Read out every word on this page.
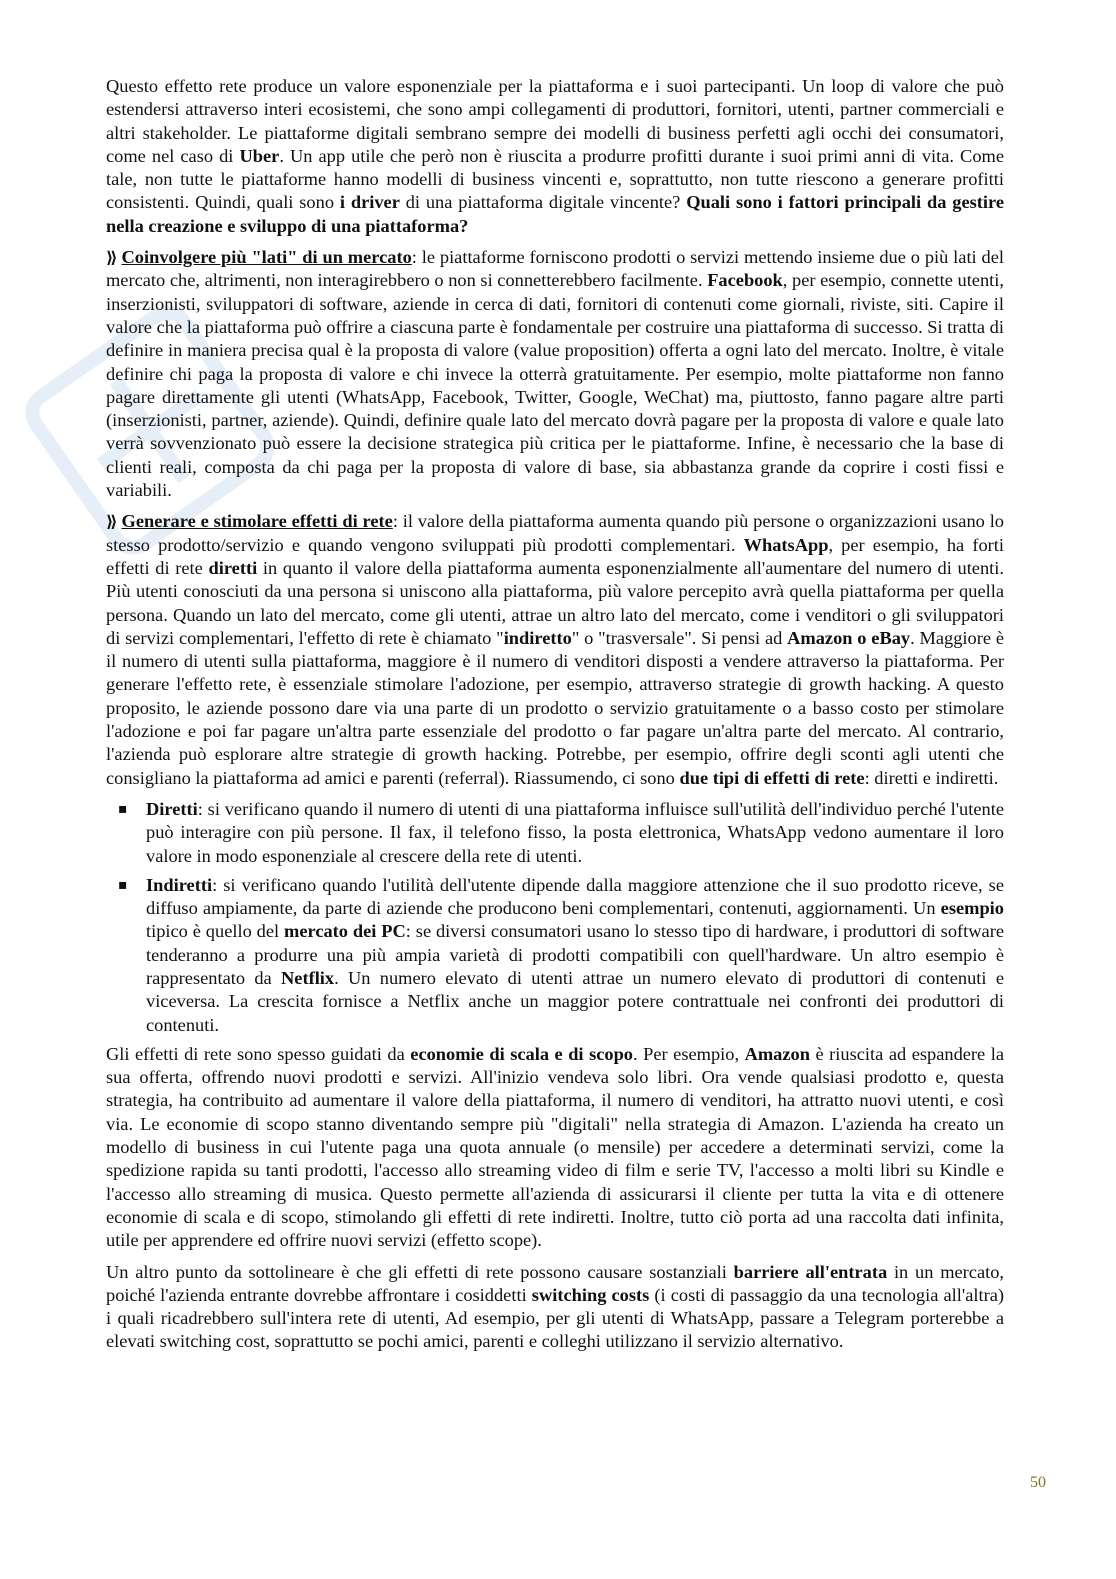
Questo effetto rete produce un valore esponenziale per la piattaforma e i suoi partecipanti. Un loop di valore che può estendersi attraverso interi ecosistemi, che sono ampi collegamenti di produttori, fornitori, utenti, partner commerciali e altri stakeholder. Le piattaforme digitali sembrano sempre dei modelli di business perfetti agli occhi dei consumatori, come nel caso di Uber. Un app utile che però non è riuscita a produrre profitti durante i suoi primi anni di vita. Come tale, non tutte le piattaforme hanno modelli di business vincenti e, soprattutto, non tutte riescono a generare profitti consistenti. Quindi, quali sono i driver di una piattaforma digitale vincente? Quali sono i fattori principali da gestire nella creazione e sviluppo di una piattaforma?

⟫ Coinvolgere più "lati" di un mercato: le piattaforme forniscono prodotti o servizi mettendo insieme due o più lati del mercato che, altrimenti, non interagirebbero o non si connetterebbero facilmente. Facebook, per esempio, connette utenti, inserzionisti, sviluppatori di software, aziende in cerca di dati, fornitori di contenuti come giornali, riviste, siti. Capire il valore che la piattaforma può offrire a ciascuna parte è fondamentale per costruire una piattaforma di successo. Si tratta di definire in maniera precisa qual è la proposta di valore (value proposition) offerta a ogni lato del mercato. Inoltre, è vitale definire chi paga la proposta di valore e chi invece la otterrà gratuitamente. Per esempio, molte piattaforme non fanno pagare direttamente gli utenti (WhatsApp, Facebook, Twitter, Google, WeChat) ma, piuttosto, fanno pagare altre parti (inserzionisti, partner, aziende). Quindi, definire quale lato del mercato dovrà pagare per la proposta di valore e quale lato verrà sovvenzionato può essere la decisione strategica più critica per le piattaforme. Infine, è necessario che la base di clienti reali, composta da chi paga per la proposta di valore di base, sia abbastanza grande da coprire i costi fissi e variabili.

⟫ Generare e stimolare effetti di rete: il valore della piattaforma aumenta quando più persone o organizzazioni usano lo stesso prodotto/servizio e quando vengono sviluppati più prodotti complementari. WhatsApp, per esempio, ha forti effetti di rete diretti in quanto il valore della piattaforma aumenta esponenzialmente all'aumentare del numero di utenti. Più utenti conosciuti da una persona si uniscono alla piattaforma, più valore percepito avrà quella piattaforma per quella persona. Quando un lato del mercato, come gli utenti, attrae un altro lato del mercato, come i venditori o gli sviluppatori di servizi complementari, l'effetto di rete è chiamato "indiretto" o "trasversale". Si pensi ad Amazon o eBay. Maggiore è il numero di utenti sulla piattaforma, maggiore è il numero di venditori disposti a vendere attraverso la piattaforma. Per generare l'effetto rete, è essenziale stimolare l'adozione, per esempio, attraverso strategie di growth hacking. A questo proposito, le aziende possono dare via una parte di un prodotto o servizio gratuitamente o a basso costo per stimolare l'adozione e poi far pagare un'altra parte essenziale del prodotto o far pagare un'altra parte del mercato. Al contrario, l'azienda può esplorare altre strategie di growth hacking. Potrebbe, per esempio, offrire degli sconti agli utenti che consigliano la piattaforma ad amici e parenti (referral). Riassumendo, ci sono due tipi di effetti di rete: diretti e indiretti.

▪ Diretti: si verificano quando il numero di utenti di una piattaforma influisce sull'utilità dell'individuo perché l'utente può interagire con più persone. Il fax, il telefono fisso, la posta elettronica, WhatsApp vedono aumentare il loro valore in modo esponenziale al crescere della rete di utenti.
▪ Indiretti: si verificano quando l'utilità dell'utente dipende dalla maggiore attenzione che il suo prodotto riceve, se diffuso ampiamente, da parte di aziende che producono beni complementari, contenuti, aggiornamenti. Un esempio tipico è quello del mercato dei PC: se diversi consumatori usano lo stesso tipo di hardware, i produttori di software tenderanno a produrre una più ampia varietà di prodotti compatibili con quell'hardware. Un altro esempio è rappresentato da Netflix. Un numero elevato di utenti attrae un numero elevato di produttori di contenuti e viceversa. La crescita fornisce a Netflix anche un maggior potere contrattuale nei confronti dei produttori di contenuti.

Gli effetti di rete sono spesso guidati da economie di scala e di scopo. Per esempio, Amazon è riuscita ad espandere la sua offerta, offrendo nuovi prodotti e servizi. All'inizio vendeva solo libri. Ora vende qualsiasi prodotto e, questa strategia, ha contribuito ad aumentare il valore della piattaforma, il numero di venditori, ha attratto nuovi utenti, e così via. Le economie di scopo stanno diventando sempre più "digitali" nella strategia di Amazon. L'azienda ha creato un modello di business in cui l'utente paga una quota annuale (o mensile) per accedere a determinati servizi, come la spedizione rapida su tanti prodotti, l'accesso allo streaming video di film e serie TV, l'accesso a molti libri su Kindle e l'accesso allo streaming di musica. Questo permette all'azienda di assicurarsi il cliente per tutta la vita e di ottenere economie di scala e di scopo, stimolando gli effetti di rete indiretti. Inoltre, tutto ciò porta ad una raccolta dati infinita, utile per apprendere ed offrire nuovi servizi (effetto scope).

Un altro punto da sottolineare è che gli effetti di rete possono causare sostanziali barriere all'entrata in un mercato, poiché l'azienda entrante dovrebbe affrontare i cosiddetti switching costs (i costi di passaggio da una tecnologia all'altra) i quali ricadrebbero sull'intera rete di utenti, Ad esempio, per gli utenti di WhatsApp, passare a Telegram porterebbe a elevati switching cost, soprattutto se pochi amici, parenti e colleghi utilizzano il servizio alternativo.

50
